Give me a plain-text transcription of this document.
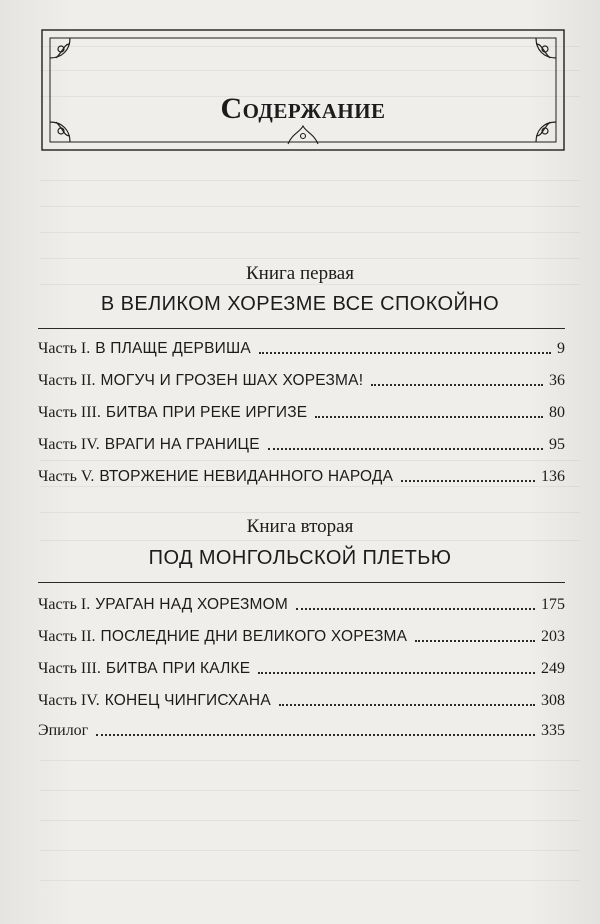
Содержание
Книга первая
В ВЕЛИКОМ ХОРЕЗМЕ ВСЕ СПОКОЙНО
Часть I. В ПЛАЩЕ ДЕРВИША	9
Часть II. МОГУЧ И ГРОЗЕН ШАХ ХОРЕЗМА!	36
Часть III. БИТВА ПРИ РЕКЕ ИРГИЗЕ	80
Часть IV. ВРАГИ НА ГРАНИЦЕ	95
Часть V. ВТОРЖЕНИЕ НЕВИДАННОГО НАРОДА	136
Книга вторая
ПОД МОНГОЛЬСКОЙ ПЛЕТЬЮ
Часть I. УРАГАН НАД ХОРЕЗМОМ	175
Часть II. ПОСЛЕДНИЕ ДНИ ВЕЛИКОГО ХОРЕЗМА	203
Часть III. БИТВА ПРИ КАЛКЕ	249
Часть IV. КОНЕЦ ЧИНГИСХАНА	308
Эпилог	335
